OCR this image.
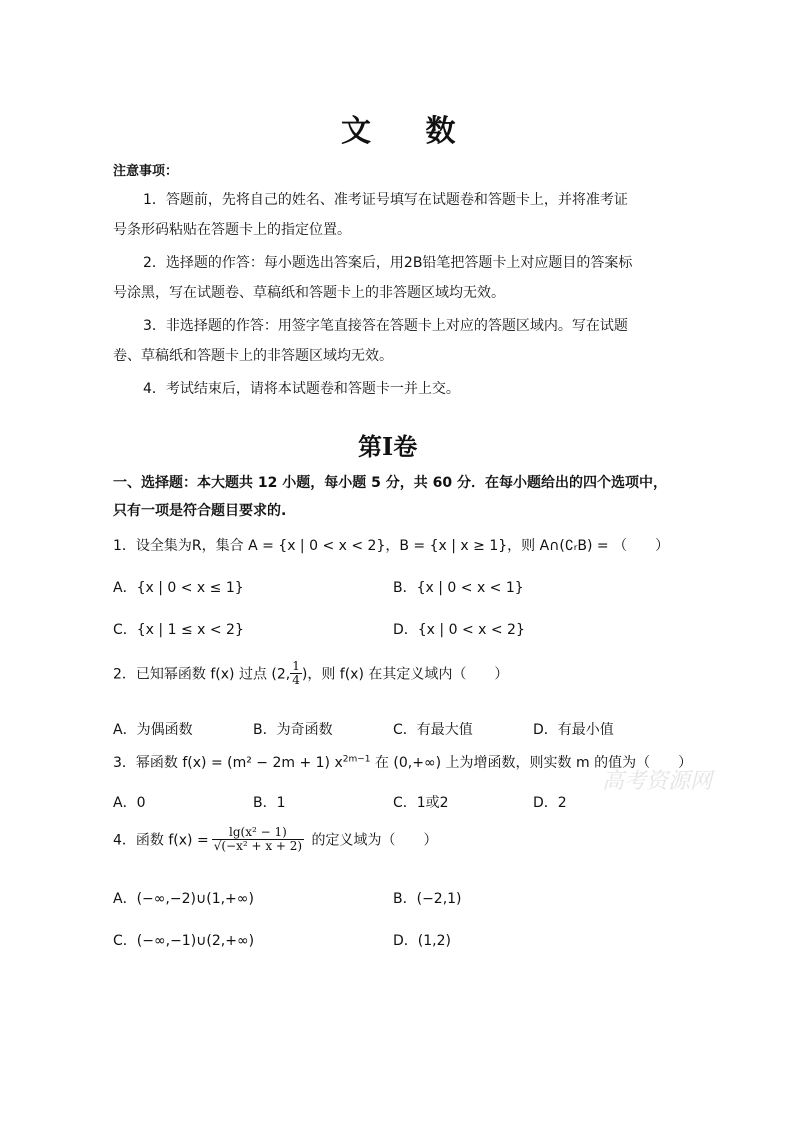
文 数
注意事项：
1．答题前，先将自己的姓名、准考证号填写在试题卷和答题卡上，并将准考证
号条形码粘贴在答题卡上的指定位置。
2．选择题的作答：每小题选出答案后，用2B铅笔把答题卡上对应题目的答案标
号涂黑，写在试题卷、草稿纸和答题卡上的非答题区域均无效。
3．非选择题的作答：用签字笔直接答在答题卡上对应的答题区域内。写在试题
卷、草稿纸和答题卡上的非答题区域均无效。
4．考试结束后，请将本试题卷和答题卡一并上交。
第Ⅰ卷
一、选择题：本大题共 12 小题，每小题 5 分，共 60 分．在每小题给出的四个选项中，
只有一项是符合题目要求的.
1．设全集为R，集合 A = {x | 0 < x < 2}，B = {x | x ≥ 1}，则 A∩(∁ᵣB) = （　　）
A．{x | 0 < x ≤ 1}	B．{x | 0 < x < 1}
C．{x | 1 ≤ x < 2}	D．{x | 0 < x < 2}
2．已知幂函数 f(x) 过点 (2, $\frac{1}{4}$ )，则 f(x) 在其定义域内（　　）
A．为偶函数	B．为奇函数	C．有最大值	D．有最小值
3．幂函数 f(x) = (m² − 2m + 1) $x^{2m-1}$ 在 (0,+∞) 上为增函数，则实数 m 的值为（　　）
高考资源网
A．0	B．1	C．1或2	D．2
4．函数 $f(x) = \frac{\text{lg(x² − 1)}}{\text{√(−x² + x + 2)}}$ 的定义域为（　　）
A．(−∞,−2)∪(1,+∞)	B．(−2,1)
C．(−∞,−1)∪(2,+∞)	D．(1,2)
